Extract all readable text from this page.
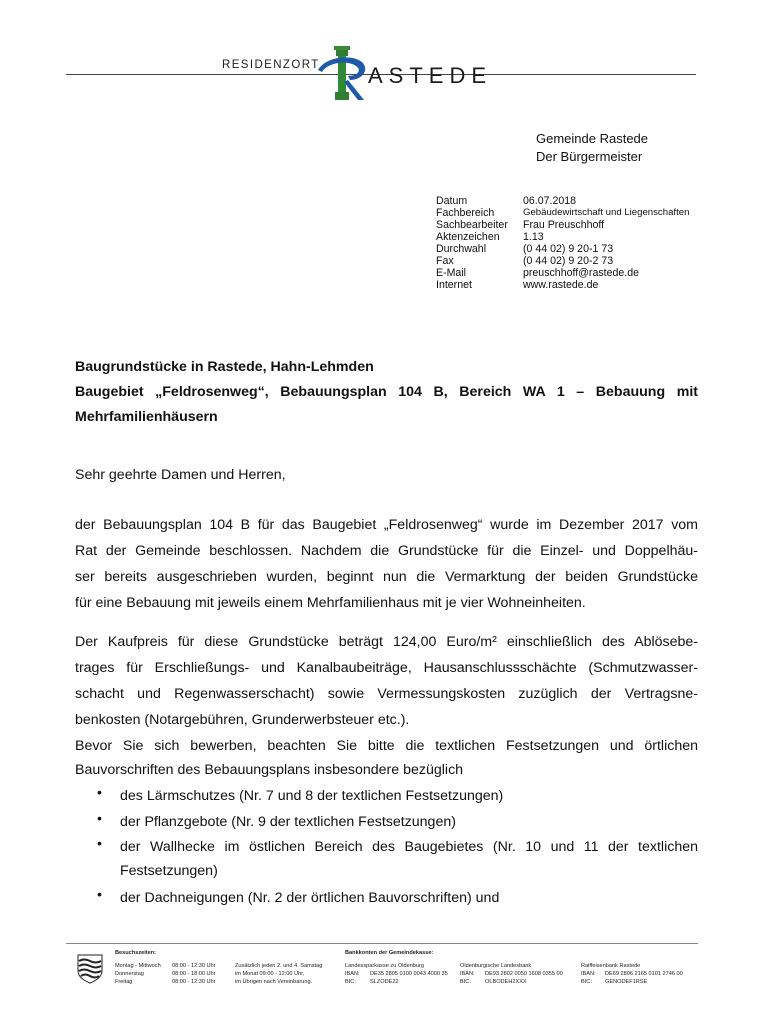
RESIDENZORT ASTEDE
Gemeinde Rastede
Der Bürgermeister
Datum	06.07.2018
Fachbereich	Gebäudewirtschaft und Liegenschaften
Sachbearbeiter Frau Preuschhoff
Aktenzeichen 1.13
Durchwahl	(0 44 02) 9 20-1 73
Fax	(0 44 02) 9 20-2 73
E-Mail	preuschhoff@rastede.de
Internet	www.rastede.de
Baugrundstücke in Rastede, Hahn-Lehmden
Baugebiet „Feldrosenweg“, Bebauungsplan 104 B, Bereich WA 1 – Bebauung mit
Mehrfamilienhäusern
Sehr geehrte Damen und Herren,
der Bebauungsplan 104 B für das Baugebiet „Feldrosenweg“ wurde im Dezember 2017 vom
Rat der Gemeinde beschlossen. Nachdem die Grundstücke für die Einzel- und Doppelhäu-
ser bereits ausgeschrieben wurden, beginnt nun die Vermarktung der beiden Grundstücke
für eine Bebauung mit jeweils einem Mehrfamilienhaus mit je vier Wohneinheiten.
Der Kaufpreis für diese Grundstücke beträgt 124,00 Euro/m² einschließlich des Ablösebe-
trages für Erschließungs- und Kanalbaubeiträge, Hausanschlussschächte (Schmutzwasser-
schacht und Regenwasserschacht) sowie Vermessungskosten zuzüglich der Vertragsne-
benkosten (Notargebühren, Grunderwerbsteuer etc.).
Bevor Sie sich bewerben, beachten Sie bitte die textlichen Festsetzungen und örtlichen
Bauvorschriften des Bebauungsplans insbesondere bezüglich
• des Lärmschutzes (Nr. 7 und 8 der textlichen Festsetzungen)
• der Pflanzgebote (Nr. 9 der textlichen Festsetzungen)
• der Wallhecke im östlichen Bereich des Baugebietes (Nr. 10 und 11 der textlichen
Festsetzungen)
• der Dachneigungen (Nr. 2 der örtlichen Bauvorschriften) und
Besuchszeiten:
Montag - Mittwoch 08:00 - 12:30 Uhr
Donnerstag	08:00 - 18:00 Uhr
Freitag	08:00 - 12:30 Uhr
Zusätzlich jeden 2. und 4. Samstag
im Monat 09:00 - 12:00 Uhr,
im Übrigen nach Vereinbarung.
Bankkonten der Gemeindekasse:
Landessparkasse zu Oldenburg
IBAN: DE35 2805 0100 0043 4000 35
BIC:	SLZODE22
Oldenburgische Landesbank
IBAN: DE93 2802 0050 1608 0355 00
BIC:	OLBODEH2XXX
Raiffeisenbank Rastede
IBAN: DE69 2806 2165 0101 2746 00
BIC: GENODEF1RSE
